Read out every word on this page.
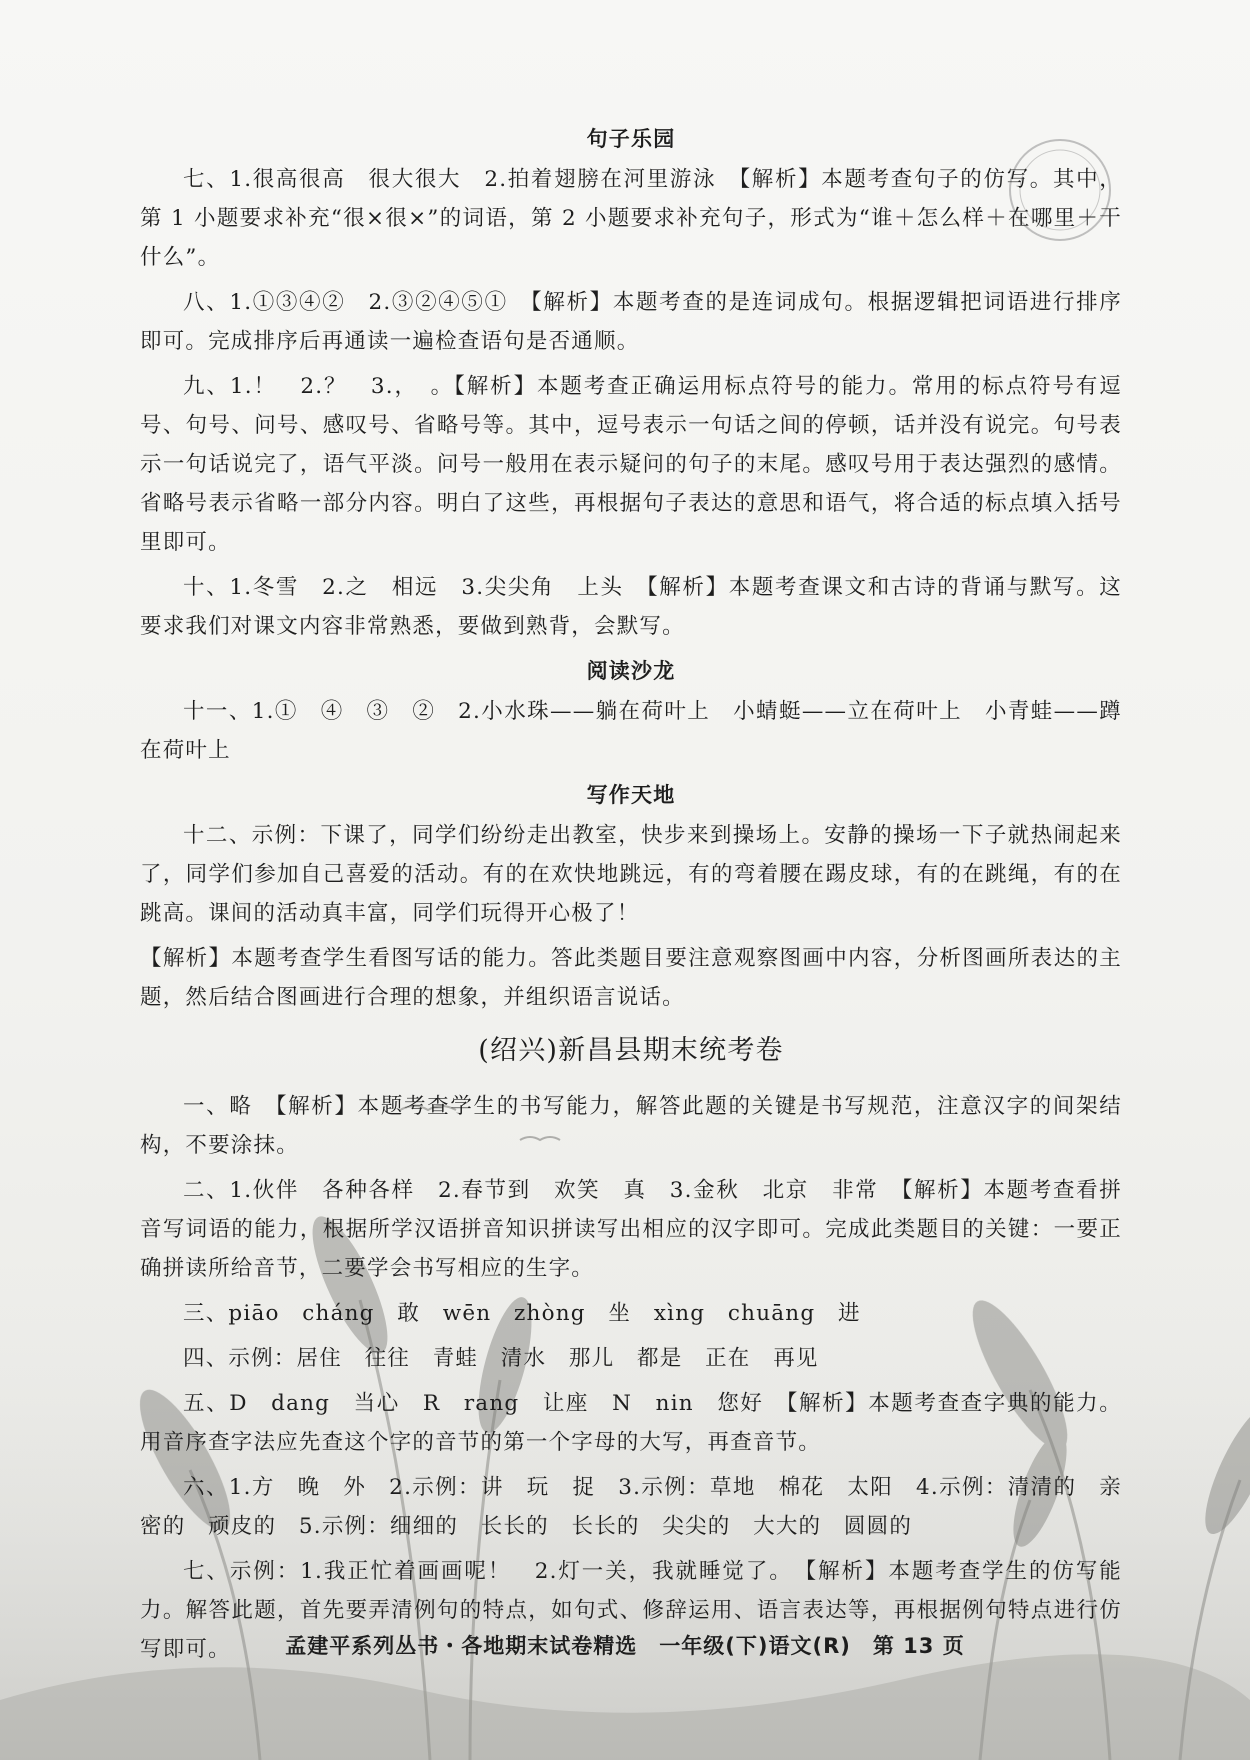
句子乐园

七、1.很高很高　很大很大　2.拍着翅膀在河里游泳　【解析】本题考查句子的仿写。其中，第 1 小题要求补充“很×很×”的词语，第 2 小题要求补充句子，形式为“谁＋怎么样＋在哪里＋干什么”。

八、1.①③④②　2.③②④⑤①　【解析】本题考查的是连词成句。根据逻辑把词语进行排序即可。完成排序后再通读一遍检查语句是否通顺。

九、1.！　2.？　3.，　。【解析】本题考查正确运用标点符号的能力。常用的标点符号有逗号、句号、问号、感叹号、省略号等。其中，逗号表示一句话之间的停顿，话并没有说完。句号表示一句话说完了，语气平淡。问号一般用在表示疑问的句子的末尾。感叹号用于表达强烈的感情。省略号表示省略一部分内容。明白了这些，再根据句子表达的意思和语气，将合适的标点填入括号里即可。

十、1.冬雪　2.之　相远　3.尖尖角　上头　【解析】本题考查课文和古诗的背诵与默写。这要求我们对课文内容非常熟悉，要做到熟背，会默写。

阅读沙龙

十一、1.①　④　③　②　2.小水珠——躺在荷叶上　小蜻蜓——立在荷叶上　小青蛙——蹲在荷叶上

写作天地

十二、示例：下课了，同学们纷纷走出教室，快步来到操场上。安静的操场一下子就热闹起来了，同学们参加自己喜爱的活动。有的在欢快地跳远，有的弯着腰在踢皮球，有的在跳绳，有的在跳高。课间的活动真丰富，同学们玩得开心极了！

【解析】本题考查学生看图写话的能力。答此类题目要注意观察图画中内容，分析图画所表达的主题，然后结合图画进行合理的想象，并组织语言说话。

(绍兴)新昌县期末统考卷

一、略　【解析】本题考查学生的书写能力，解答此题的关键是书写规范，注意汉字的间架结构，不要涂抹。

二、1.伙伴　各种各样　2.春节到　欢笑　真　3.金秋　北京　非常　【解析】本题考查看拼音写词语的能力，根据所学汉语拼音知识拼读写出相应的汉字即可。完成此类题目的关键：一要正确拼读所给音节，二要学会书写相应的生字。

三、piāo　cháng　敢　wēn　zhòng　坐　xìng　chuāng　进

四、示例：居住　往往　青蛙　清水　那儿　都是　正在　再见

五、D　dang　当心　R　rang　让座　N　nin　您好　【解析】本题考查查字典的能力。用音序查字法应先查这个字的音节的第一个字母的大写，再查音节。

六、1.方　晚　外　2.示例：讲　玩　捉　3.示例：草地　棉花　太阳　4.示例：清清的　亲密的　顽皮的　5.示例：细细的　长长的　长长的　尖尖的　大大的　圆圆的

七、示例：1.我正忙着画画呢！　2.灯一关，我就睡觉了。　【解析】本题考查学生的仿写能力。解答此题，首先要弄清例句的特点，如句式、修辞运用、语言表达等，再根据例句特点进行仿写即可。	孟建平系列丛书・各地期末试卷精选　一年级(下)语文(R)　第 13 页
